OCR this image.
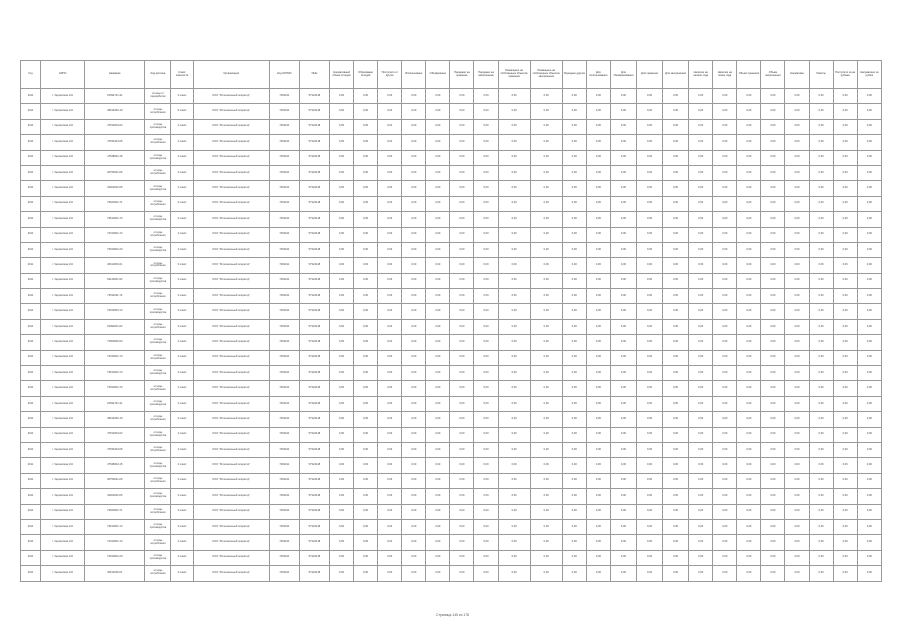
Год	ОКПО	Название	Код региона	Класс опасности	Организация	Код ОКТМО	ИНН	Нормативный объем отходов	Образовано отходов	Поступило от других	Использовано	Обезврежено	Передано на хранение	Передано на захоронение	Размещено на собственных объектах хранения	Размещено на собственных объектах захоронения	Передано другим	Для использования	Для обезвреживания	Для хранения	Для захоронения	Наличие на начало года	Наличие на конец года	Объем хранения	Объем захоронения	Нормативы	Лимиты	Поступило из-за рубежа	Направлено за рубеж
2011	г. Черкасская обл	91594721-31	отходы от переработки	4 класс	ООО "Региональный оператор"	7462011	57322418	0,00	0,00	0,00	0,00	0,00	0,00	0,00	0,00	0,00	0,00	0,00	0,00	0,00	0,00	0,00	0,00	0,00	0,00	0,00	0,00	0,00	0,00
2011	г. Черкасская обл	49614052-19	отходы потребления	5 класс	ООО "Региональный оператор"	7462011	57322418	0,00	0,00	0,00	0,00	0,00	0,00	0,00	0,00	0,00	0,00	0,00	0,00	0,00	0,00	0,00	0,00	0,00	0,00	0,00	0,00	0,00	0,00
2011	г. Черкасская обл	47512003-02	отходы производства	4 класс	ООО "Региональный оператор"	7462011	57322418	0,00	0,00	0,00	0,00	0,00	0,00	0,00	0,00	0,00	0,00	0,00	0,00	0,00	0,00	0,00	0,00	0,00	0,00	0,00	0,00	0,00	0,00
2011	г. Черкасская обл	47531004-05	отходы потребления	4 класс	ООО "Региональный оператор"	7462011	57322418	0,00	0,00	0,00	0,00	0,00	0,00	0,00	0,00	0,00	0,00	0,00	0,00	0,00	0,00	0,00	0,00	0,00	0,00	0,00	0,00	0,00	0,00
2011	г. Черкасская обл	47548002-15	отходы производства	4 класс	ООО "Региональный оператор"	7462011	57322418	0,00	0,00	0,00	0,00	0,00	0,00	0,00	0,00	0,00	0,00	0,00	0,00	0,00	0,00	0,00	0,00	0,00	0,00	0,00	0,00	0,00	0,00
2011	г. Черкасская обл	30750021-06	отходы потребления	4 класс	ООО "Региональный оператор"	7462011	57322418	0,00	0,00	0,00	0,00	0,00	0,00	0,00	0,00	0,00	0,00	0,00	0,00	0,00	0,00	0,00	0,00	0,00	0,00	0,00	0,00	0,00	0,00
2011	г. Черкасская обл	43402002-05	отходы производства	4 класс	ООО "Региональный оператор"	7462011	57322418	0,00	0,00	0,00	0,00	0,00	0,00	0,00	0,00	0,00	0,00	0,00	0,00	0,00	0,00	0,00	0,00	0,00	0,00	0,00	0,00	0,00	0,00
2011	г. Черкасская обл	73620002-71	отходы потребления	4 класс	ООО "Региональный оператор"	7462011	57322418	0,00	0,00	0,00	0,00	0,00	0,00	0,00	0,00	0,00	0,00	0,00	0,00	0,00	0,00	0,00	0,00	0,00	0,00	0,00	0,00	0,00	0,00
2011	г. Черкасская обл	73610001-72	отходы производства	4 класс	ООО "Региональный оператор"	7462011	57322418	0,00	0,00	0,00	0,00	0,00	0,00	0,00	0,00	0,00	0,00	0,00	0,00	0,00	0,00	0,00	0,00	0,00	0,00	0,00	0,00	0,00	0,00
2011	г. Черкасская обл	73310001-72	отходы потребления	4 класс	ООО "Региональный оператор"	7462011	57322418	0,00	0,00	0,00	0,00	0,00	0,00	0,00	0,00	0,00	0,00	0,00	0,00	0,00	0,00	0,00	0,00	0,00	0,00	0,00	0,00	0,00	0,00
2011	г. Черкасская обл	73910002-20	отходы производства	4 класс	ООО "Региональный оператор"	7462011	57322418	0,00	0,00	0,00	0,00	0,00	0,00	0,00	0,00	0,00	0,00	0,00	0,00	0,00	0,00	0,00	0,00	0,00	0,00	0,00	0,00	0,00	0,00
2011	г. Черкасская обл	40612000-01	отходы потребления	3 класс	ООО "Региональный оператор"	7462011	57322418	0,00	0,00	0,00	0,00	0,00	0,00	0,00	0,00	0,00	0,00	0,00	0,00	0,00	0,00	0,00	0,00	0,00	0,00	0,00	0,00	0,00	0,00
2011	г. Черкасская обл	92120001-52	отходы производства	4 класс	ООО "Региональный оператор"	7462011	57322418	0,00	0,00	0,00	0,00	0,00	0,00	0,00	0,00	0,00	0,00	0,00	0,00	0,00	0,00	0,00	0,00	0,00	0,00	0,00	0,00	0,00	0,00
2011	г. Черкасская обл	73511001-72	отходы потребления	4 класс	ООО "Региональный оператор"	7462011	57322418	0,00	0,00	0,00	0,00	0,00	0,00	0,00	0,00	0,00	0,00	0,00	0,00	0,00	0,00	0,00	0,00	0,00	0,00	0,00	0,00	0,00	0,00
2011	г. Черкасская обл	73910003-72	отходы производства	4 класс	ООО "Региональный оператор"	7462011	57322418	0,00	0,00	0,00	0,00	0,00	0,00	0,00	0,00	0,00	0,00	0,00	0,00	0,00	0,00	0,00	0,00	0,00	0,00	0,00	0,00	0,00	0,00
2011	г. Черкасская обл	91992001-62	отходы потребления	4 класс	ООО "Региональный оператор"	7462011	57322418	0,00	0,00	0,00	0,00	0,00	0,00	0,00	0,00	0,00	0,00	0,00	0,00	0,00	0,00	0,00	0,00	0,00	0,00	0,00	0,00	0,00	0,00
2011	г. Черкасская обл	72500000-00	отходы производства	4 класс	ООО "Региональный оператор"	7462011	57322418	0,00	0,00	0,00	0,00	0,00	0,00	0,00	0,00	0,00	0,00	0,00	0,00	0,00	0,00	0,00	0,00	0,00	0,00	0,00	0,00	0,00	0,00
2011	г. Черкасская обл	73310001-72	отходы потребления	4 класс	ООО "Региональный оператор"	7462011	57322418	0,00	0,00	0,00	0,00	0,00	0,00	0,00	0,00	0,00	0,00	0,00	0,00	0,00	0,00	0,00	0,00	0,00	0,00	0,00	0,00	0,00	0,00
2011	г. Черкасская обл	73610002-72	отходы производства	4 класс	ООО "Региональный оператор"	7462011	57322418	0,00	0,00	0,00	0,00	0,00	0,00	0,00	0,00	0,00	0,00	0,00	0,00	0,00	0,00	0,00	0,00	0,00	0,00	0,00	0,00	0,00	0,00
2011	г. Черкасская обл	73910001-72	отходы потребления	4 класс	ООО "Региональный оператор"	7462011	57322418	0,00	0,00	0,00	0,00	0,00	0,00	0,00	0,00	0,00	0,00	0,00	0,00	0,00	0,00	0,00	0,00	0,00	0,00	0,00	0,00	0,00	0,00
2011	г. Черкасская обл	91594721-31	отходы производства	4 класс	ООО "Региональный оператор"	7462011	57322418	0,00	0,00	0,00	0,00	0,00	0,00	0,00	0,00	0,00	0,00	0,00	0,00	0,00	0,00	0,00	0,00	0,00	0,00	0,00	0,00	0,00	0,00
2011	г. Черкасская обл	49614052-19	отходы потребления	4 класс	ООО "Региональный оператор"	7462011	57322418	0,00	0,00	0,00	0,00	0,00	0,00	0,00	0,00	0,00	0,00	0,00	0,00	0,00	0,00	0,00	0,00	0,00	0,00	0,00	0,00	0,00	0,00
2011	г. Черкасская обл	47512003-02	отходы производства	4 класс	ООО "Региональный оператор"	7462011	57322418	0,00	0,00	0,00	0,00	0,00	0,00	0,00	0,00	0,00	0,00	0,00	0,00	0,00	0,00	0,00	0,00	0,00	0,00	0,00	0,00	0,00	0,00
2011	г. Черкасская обл	47531004-05	отходы потребления	4 класс	ООО "Региональный оператор"	7462011	57322418	0,00	0,00	0,00	0,00	0,00	0,00	0,00	0,00	0,00	0,00	0,00	0,00	0,00	0,00	0,00	0,00	0,00	0,00	0,00	0,00	0,00	0,00
2011	г. Черкасская обл	47548002-15	отходы производства	4 класс	ООО "Региональный оператор"	7462011	57322418	0,00	0,00	0,00	0,00	0,00	0,00	0,00	0,00	0,00	0,00	0,00	0,00	0,00	0,00	0,00	0,00	0,00	0,00	0,00	0,00	0,00	0,00
2011	г. Черкасская обл	30750021-06	отходы потребления	4 класс	ООО "Региональный оператор"	7462011	57322418	0,00	0,00	0,00	0,00	0,00	0,00	0,00	0,00	0,00	0,00	0,00	0,00	0,00	0,00	0,00	0,00	0,00	0,00	0,00	0,00	0,00	0,00
2011	г. Черкасская обл	43402002-05	отходы производства	4 класс	ООО "Региональный оператор"	7462011	57322418	0,00	0,00	0,00	0,00	0,00	0,00	0,00	0,00	0,00	0,00	0,00	0,00	0,00	0,00	0,00	0,00	0,00	0,00	0,00	0,00	0,00	0,00
2011	г. Черкасская обл	73620002-71	отходы потребления	4 класс	ООО "Региональный оператор"	7462011	57322418	0,00	0,00	0,00	0,00	0,00	0,00	0,00	0,00	0,00	0,00	0,00	0,00	0,00	0,00	0,00	0,00	0,00	0,00	0,00	0,00	0,00	0,00
2011	г. Черкасская обл	73610001-72	отходы производства	4 класс	ООО "Региональный оператор"	7462011	57322418	0,00	0,00	0,00	0,00	0,00	0,00	0,00	0,00	0,00	0,00	0,00	0,00	0,00	0,00	0,00	0,00	0,00	0,00	0,00	0,00	0,00	0,00
2011	г. Черкасская обл	73310001-72	отходы потребления	4 класс	ООО "Региональный оператор"	7462011	57322418	0,00	0,00	0,00	0,00	0,00	0,00	0,00	0,00	0,00	0,00	0,00	0,00	0,00	0,00	0,00	0,00	0,00	0,00	0,00	0,00	0,00	0,00
2011	г. Черкасская обл	73910002-20	отходы производства	4 класс	ООО "Региональный оператор"	7462011	57322418	0,00	0,00	0,00	0,00	0,00	0,00	0,00	0,00	0,00	0,00	0,00	0,00	0,00	0,00	0,00	0,00	0,00	0,00	0,00	0,00	0,00	0,00
2011	г. Черкасская обл	40612000-01	отходы потребления	4 класс	ООО "Региональный оператор"	7462011	57322418	0,00	0,00	0,00	0,00	0,00	0,00	0,00	0,00	0,00	0,00	0,00	0,00	0,00	0,00	0,00	0,00	0,00	0,00	0,00	0,00	0,00	0,00
Страница 145 из 178
